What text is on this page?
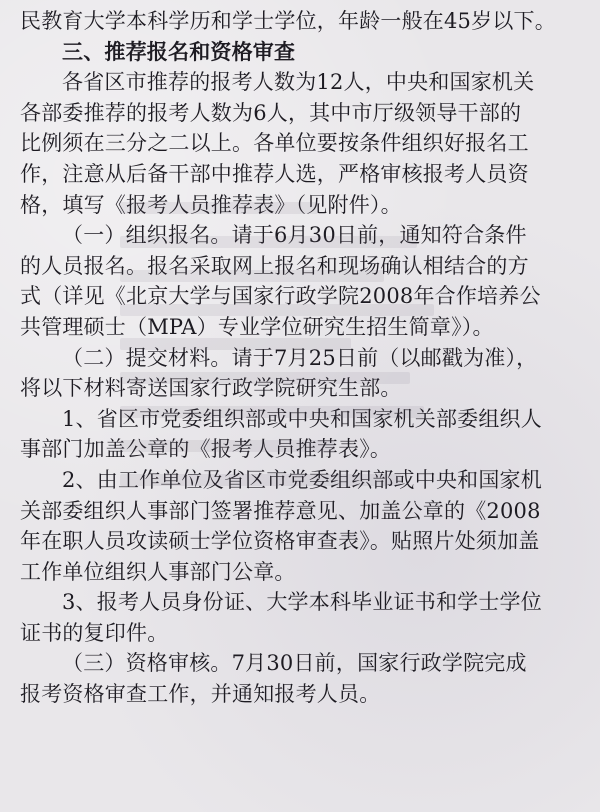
民教育大学本科学历和学士学位，年龄一般在45岁以下。
三、推荐报名和资格审查
各省区市推荐的报考人数为12人，中央和国家机关
各部委推荐的报考人数为6人，其中市厅级领导干部的
比例须在三分之二以上。各单位要按条件组织好报名工
作，注意从后备干部中推荐人选，严格审核报考人员资
格，填写《报考人员推荐表》（见附件）。
（一）组织报名。请于6月30日前，通知符合条件
的人员报名。报名采取网上报名和现场确认相结合的方
式（详见《北京大学与国家行政学院2008年合作培养公
共管理硕士（MPA）专业学位研究生招生简章》）。
（二）提交材料。请于7月25日前（以邮戳为准），
将以下材料寄送国家行政学院研究生部。
1、省区市党委组织部或中央和国家机关部委组织人
事部门加盖公章的《报考人员推荐表》。
2、由工作单位及省区市党委组织部或中央和国家机
关部委组织人事部门签署推荐意见、加盖公章的《2008
年在职人员攻读硕士学位资格审查表》。贴照片处须加盖
工作单位组织人事部门公章。
3、报考人员身份证、大学本科毕业证书和学士学位
证书的复印件。
（三）资格审核。7月30日前，国家行政学院完成
报考资格审查工作，并通知报考人员。
